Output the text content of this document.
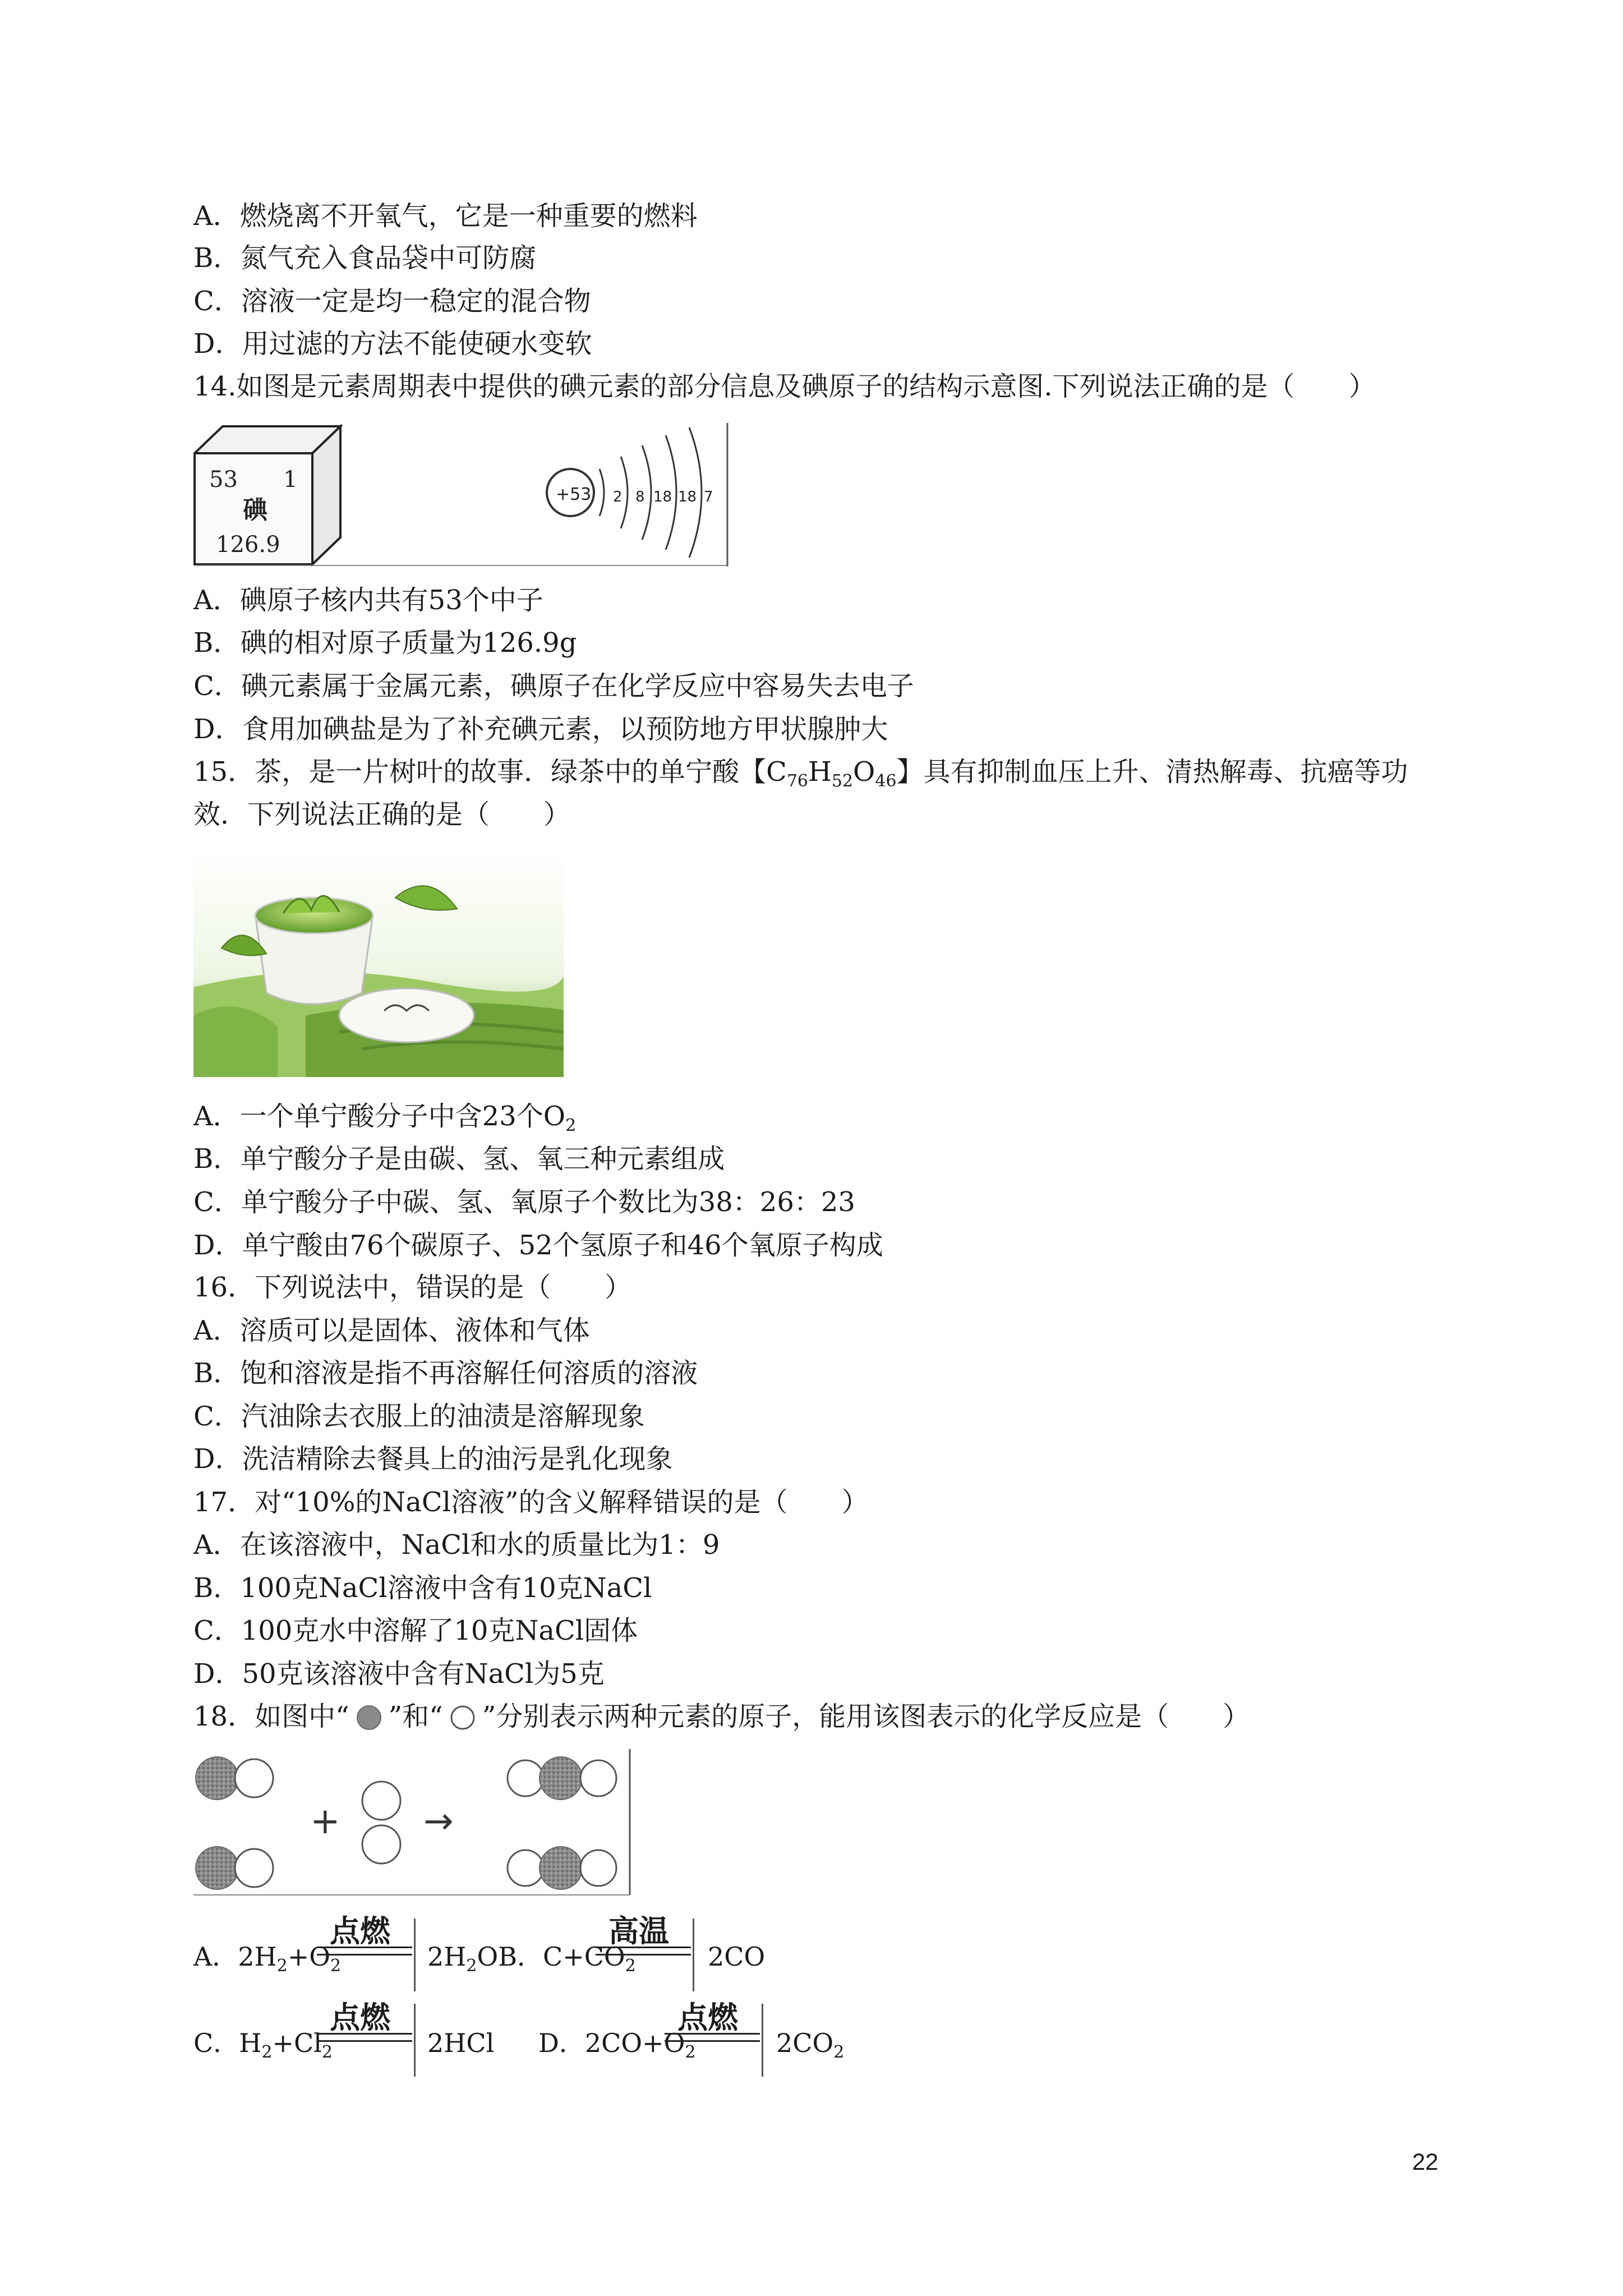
A．燃烧离不开氧气，它是一种重要的燃料
B．氮气充入食品袋中可防腐
C．溶液一定是均一稳定的混合物
D．用过滤的方法不能使硬水变软
14.如图是元素周期表中提供的碘元素的部分信息及碘原子的结构示意图.下列说法正确的是（　　）
53 1
碘
126.9
+53 2 8 18 18 7
A．碘原子核内共有53个中子
B．碘的相对原子质量为126.9g
C．碘元素属于金属元素，碘原子在化学反应中容易失去电子
D．食用加碘盐是为了补充碘元素，以预防地方甲状腺肿大
15．茶，是一片树叶的故事．绿茶中的单宁酸【$C_{76}H_{52}O_{46}$】具有抑制血压上升、清热解毒、抗癌等功
效．下列说法正确的是（　　）
A．一个单宁酸分子中含23个$O_2$
B．单宁酸分子是由碳、氢、氧三种元素组成
C．单宁酸分子中碳、氢、氧原子个数比为38：26：23
D．单宁酸由76个碳原子、52个氢原子和46个氧原子构成
16．下列说法中，错误的是（　　）
A．溶质可以是固体、液体和气体
B．饱和溶液是指不再溶解任何溶质的溶液
C．汽油除去衣服上的油渍是溶解现象
D．洗洁精除去餐具上的油污是乳化现象
17．对“10%的NaCl溶液”的含义解释错误的是（　　）
A．在该溶液中，NaCl和水的质量比为1：9
B．100克NaCl溶液中含有10克NaCl
C．100克水中溶解了10克NaCl固体
D．50克该溶液中含有NaCl为5克
18．如图中“ ”和“ ”分别表示两种元素的原子，能用该图表示的化学反应是（　　）
+ →
A．$2H_2+O_2$
点燃
$2H_2OB$．$C+CO_2$
高温
2CO
C．$H_2+Cl_2$
点燃
2HCl D．$2CO+O_2$
点燃
$2CO_2$
22
